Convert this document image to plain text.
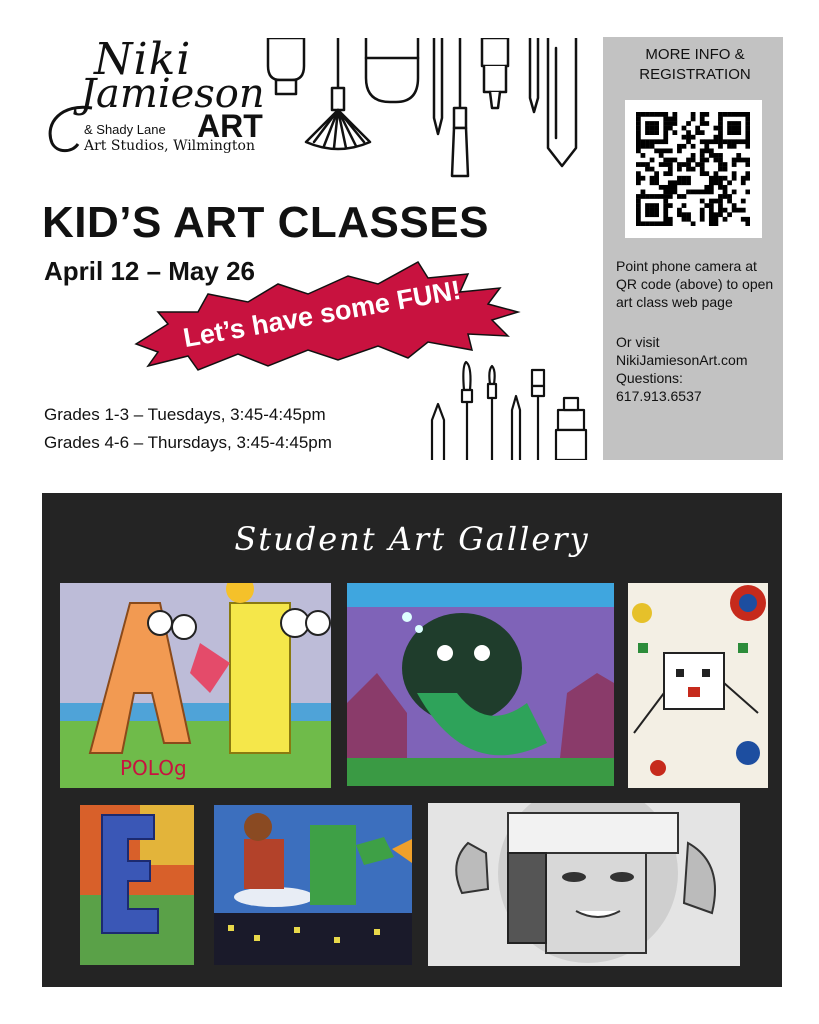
Niki
Jamieson
ART
& Shady Lane
Art Studios, Wilmington
KID’S ART CLASSES
April 12 – May 26
Let’s have some FUN!
Grades 1-3 – Tuesdays, 3:45-4:45pm
Grades 4-6 – Thursdays, 3:45-4:45pm
MORE INFO &
REGISTRATION

Point phone camera at QR code (above) to open art class web page

Or visit
NikiJamiesonArt.com
Questions:
617.913.6537
Student Art Gallery
POLOg
